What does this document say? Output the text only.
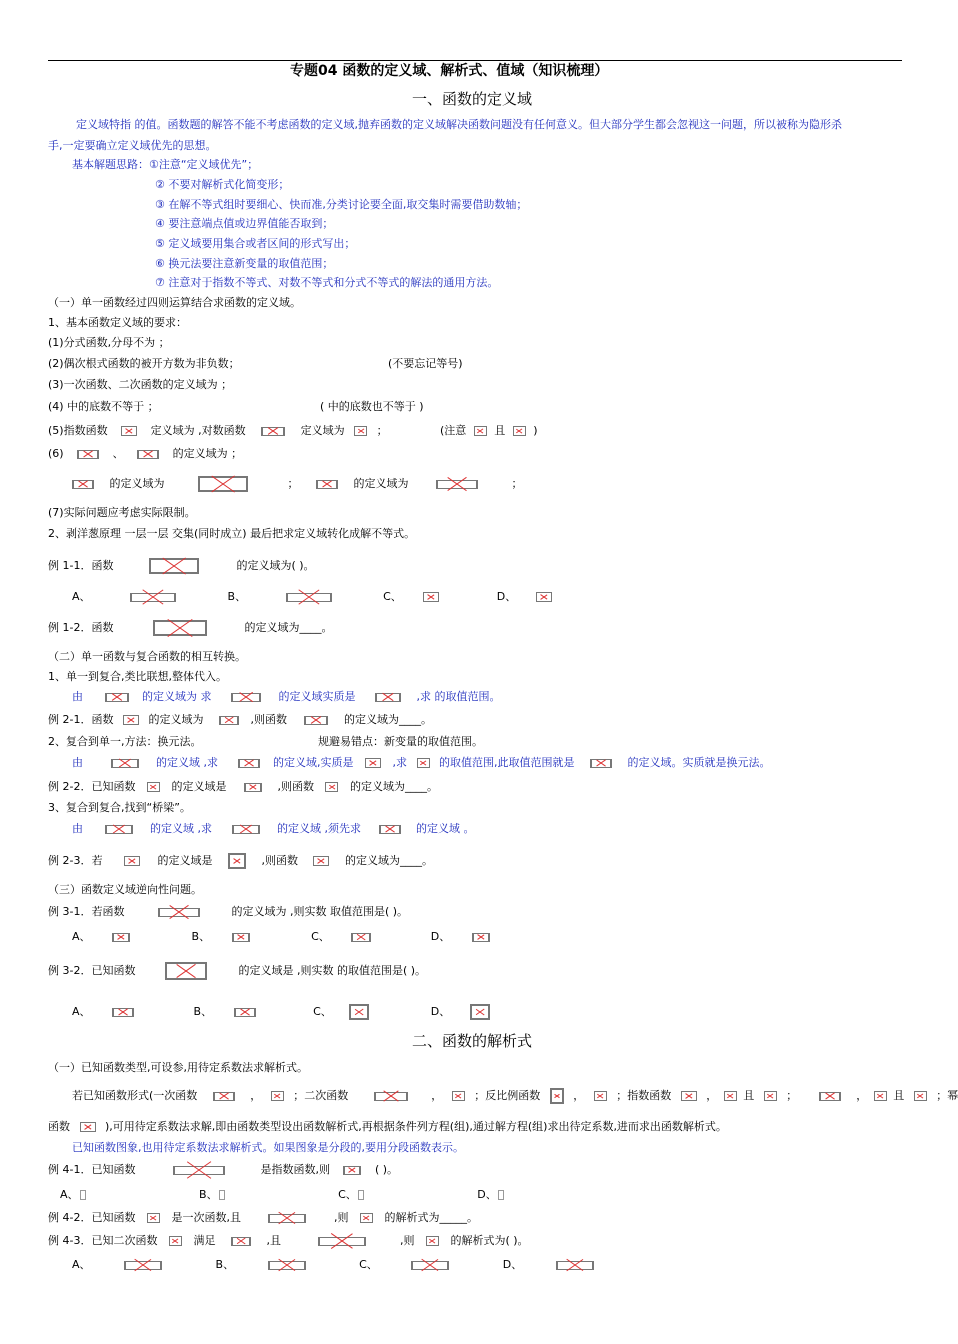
专题04 函数的定义域、解析式、值域（知识梳理）
一、函数的定义域
定义域特指 的值。函数题的解答不能不考虑函数的定义域,抛弃函数的定义域解决函数问题没有任何意义。但大部分学生都会忽视这一问题，所以被称为隐形杀
手,一定要确立定义域优先的思想。
基本解题思路：①注意“定义域优先”；
② 不要对解析式化简变形；
③ 在解不等式组时要细心、快而准,分类讨论要全面,取交集时需要借助数轴；
④ 要注意端点值或边界值能否取到；
⑤ 定义域要用集合或者区间的形式写出；
⑥ 换元法要注意新变量的取值范围；
⑦ 注意对于指数不等式、对数不等式和分式不等式的解法的通用方法。
（一）单一函数经过四则运算结合求函数的定义域。
1、基本函数定义域的要求：
(1)分式函数,分母不为 ；
(2)偶次根式函数的被开方数为非负数；	(不要忘记等号)
(3)一次函数、二次函数的定义域为 ；
(4) 中的底数不等于 ；	( 中的底数也不等于 )
(5)指数函数	定义域为 ,对数函数	定义域为	；	(注意	且	)
(6)	、	的定义域为 ；
的定义域为	；	的定义域为	；
(7)实际问题应考虑实际限制。
2、剥洋葱原理 一层一层 交集(同时成立) 最后把求定义域转化成解不等式。
例 1-1．函数	的定义域为( )。
A、	B、	C、	D、
例 1-2．函数	的定义域为____。
（二）单一函数与复合函数的相互转换。
1、单一到复合,类比联想,整体代入。
由	的定义域为 求	的定义域实质是	,求 的取值范围。
例 2-1．函数	的定义域为	,则函数	的定义域为____。
2、复合到单一,方法：换元法。	规避易错点：新变量的取值范围。
由	的定义域 ,求	的定义域,实质是	,求	的取值范围,此取值范围就是	的定义域。实质就是换元法。
例 2-2．已知函数	的定义域是	,则函数	的定义域为____。
3、复合到复合,找到“桥梁”。
由	的定义域 ,求	的定义域 ,须先求	的定义域 。
例 2-3．若	的定义域是	,则函数	的定义域为____。
（三）函数定义域逆向性问题。
例 3-1．若函数	的定义域为 ,则实数 取值范围是( )。
A、	B、	C、	D、
例 3-2．已知函数	的定义域是 ,则实数 的取值范围是( )。
A、	B、	C、	D、
二、函数的解析式
（一）已知函数类型,可设参,用待定系数法求解析式。
若已知函数形式(一次函数	，	；二次函数	，	；反比例函数	，	；指数函数	， 且	；	， 且	；幂
函数	),可用待定系数法求解,即由函数类型设出函数解析式,再根据条件列方程(组),通过解方程(组)求出待定系数,进而求出函数解析式。
已知函数图象,也用待定系数法求解析式。如果图象是分段的,要用分段函数表示。
例 4-1．已知函数	是指数函数,则	( )。
A、	B、	C、	D、
例 4-2．已知函数	是一次函数,且	,则	的解析式为_____。
例 4-3．已知二次函数	满足	,且	,则	的解析式为( )。
A、	B、	C、	D、
